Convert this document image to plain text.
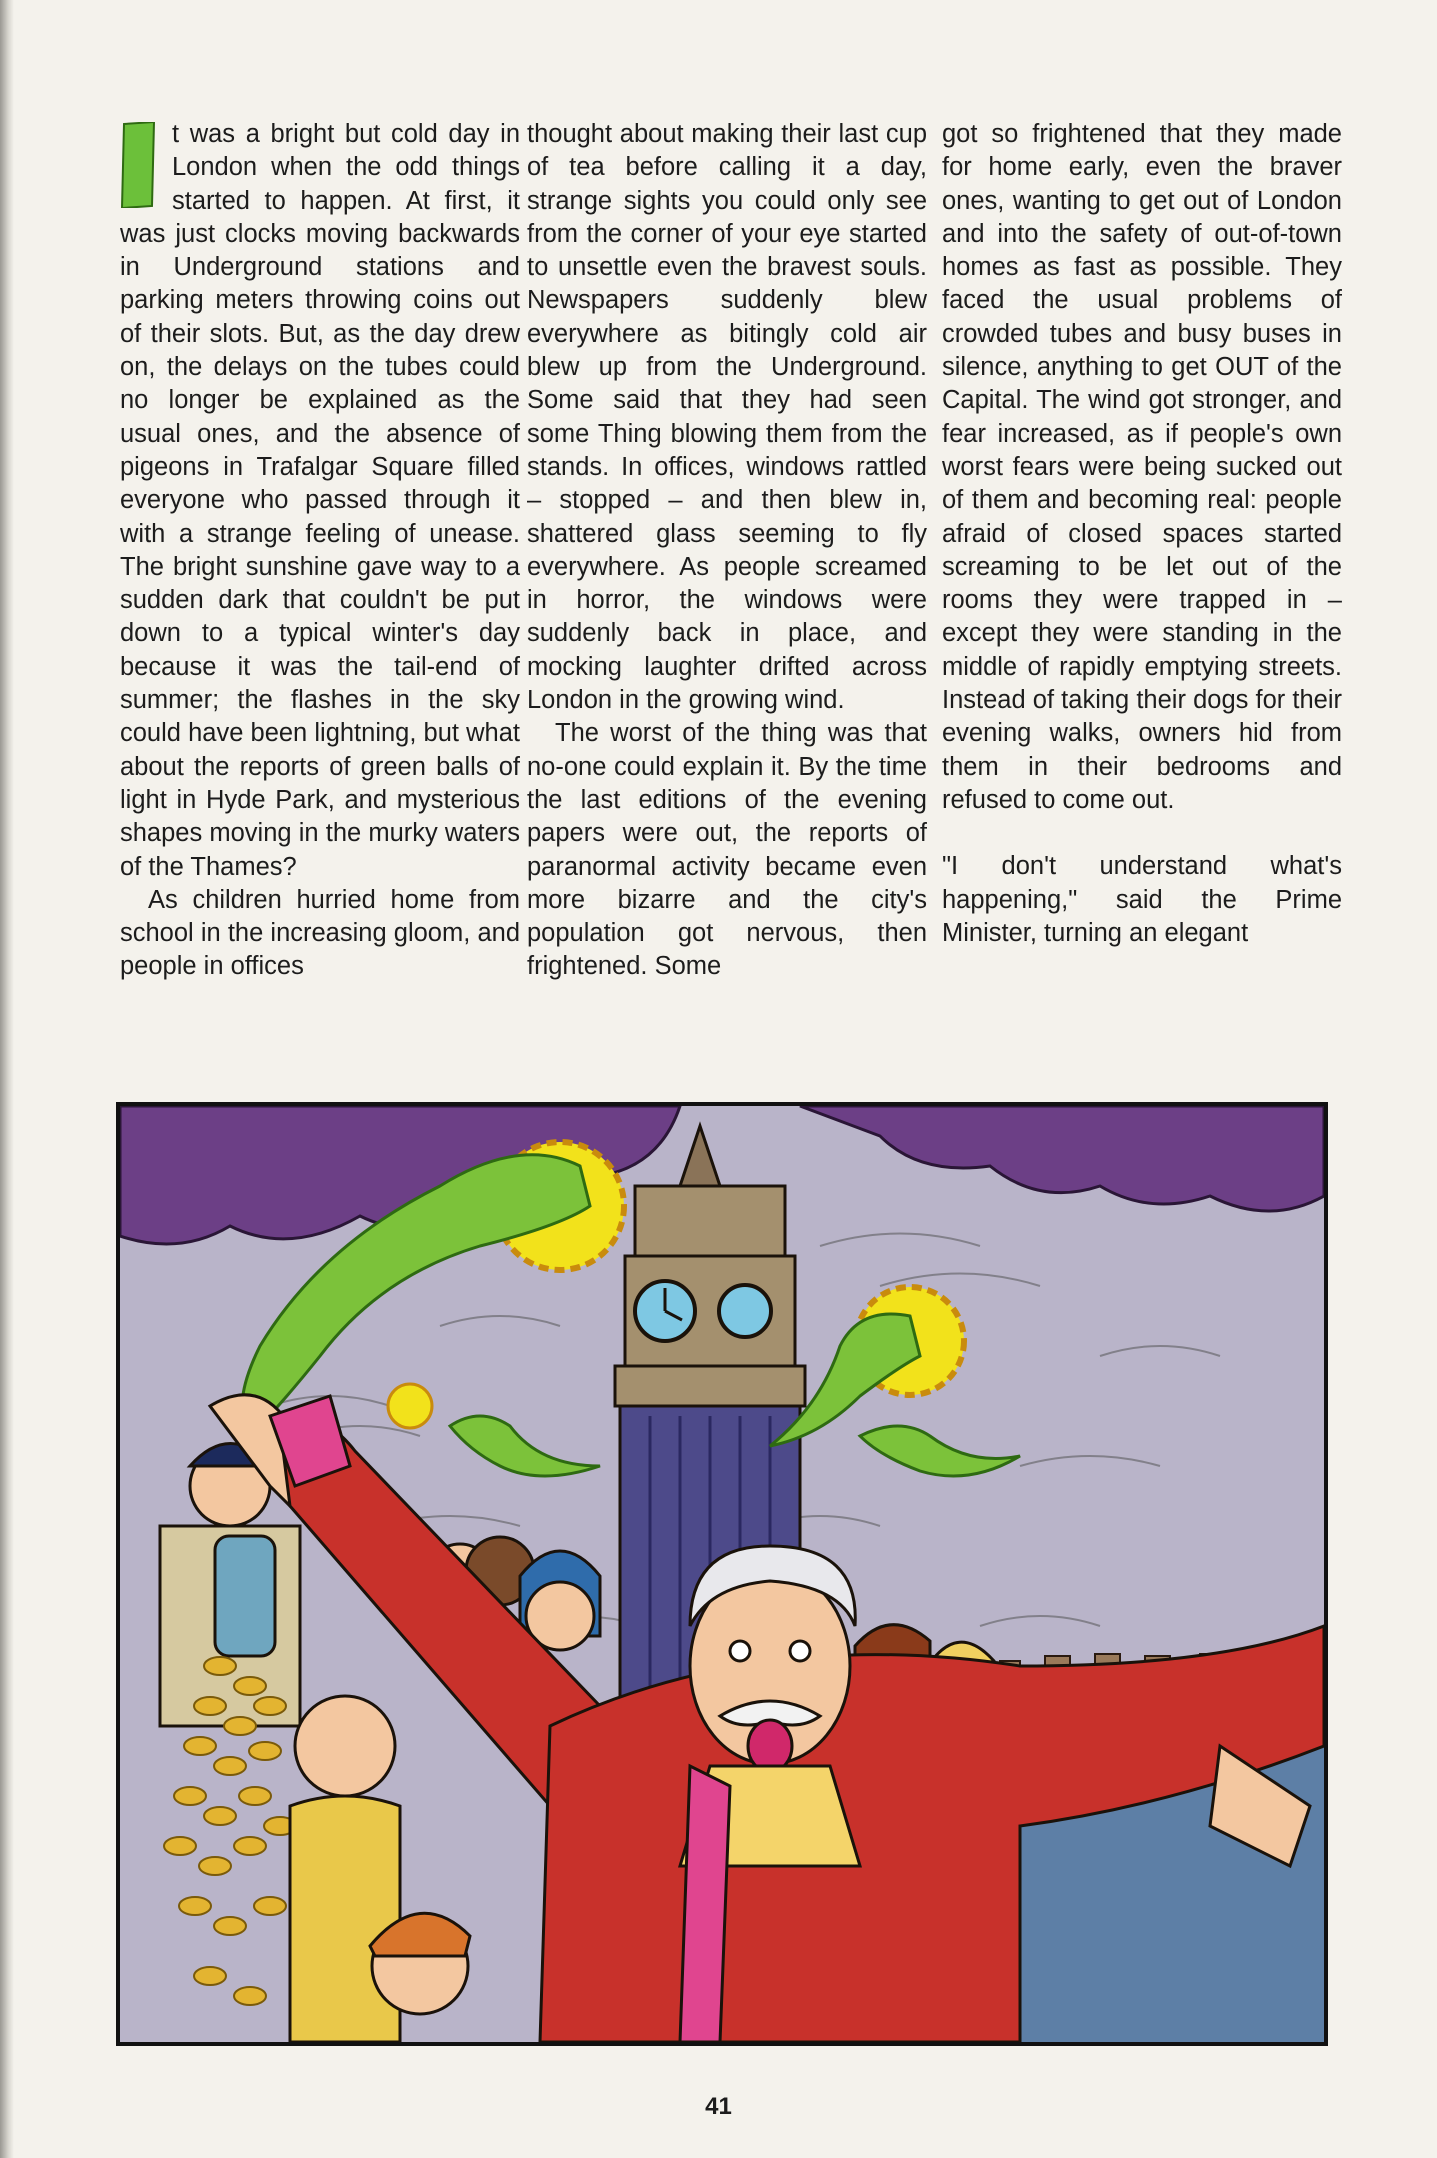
t was a bright but cold day in London when the odd things started to happen. At first, it was just clocks moving backwards in Underground stations and parking meters throwing coins out of their slots. But, as the day drew on, the delays on the tubes could no longer be explained as the usual ones, and the absence of pigeons in Trafalgar Square filled everyone who passed through it with a strange feeling of unease. The bright sunshine gave way to a sudden dark that couldn't be put down to a typical winter's day because it was the tail-end of summer; the flashes in the sky could have been lightning, but what about the reports of green balls of light in Hyde Park, and mysterious shapes moving in the murky waters of the Thames?

As children hurried home from school in the increasing gloom, and people in offices

thought about making their last cup of tea before calling it a day, strange sights you could only see from the corner of your eye started to unsettle even the bravest souls. Newspapers suddenly blew everywhere as bitingly cold air blew up from the Underground. Some said that they had seen some Thing blowing them from the stands. In offices, windows rattled – stopped – and then blew in, shattered glass seeming to fly everywhere. As people screamed in horror, the windows were suddenly back in place, and mocking laughter drifted across London in the growing wind.

The worst of the thing was that no-one could explain it. By the time the last editions of the evening papers were out, the reports of paranormal activity became even more bizarre and the city's population got nervous, then frightened. Some

got so frightened that they made for home early, even the braver ones, wanting to get out of London and into the safety of out-of-town homes as fast as possible. They faced the usual problems of crowded tubes and busy buses in silence, anything to get OUT of the Capital. The wind got stronger, and fear increased, as if people's own worst fears were being sucked out of them and becoming real: people afraid of closed spaces started screaming to be let out of the rooms they were trapped in – except they were standing in the middle of rapidly emptying streets. Instead of taking their dogs for their evening walks, owners hid from them in their bedrooms and refused to come out.

"I don't understand what's happening," said the Prime Minister, turning an elegant

41
